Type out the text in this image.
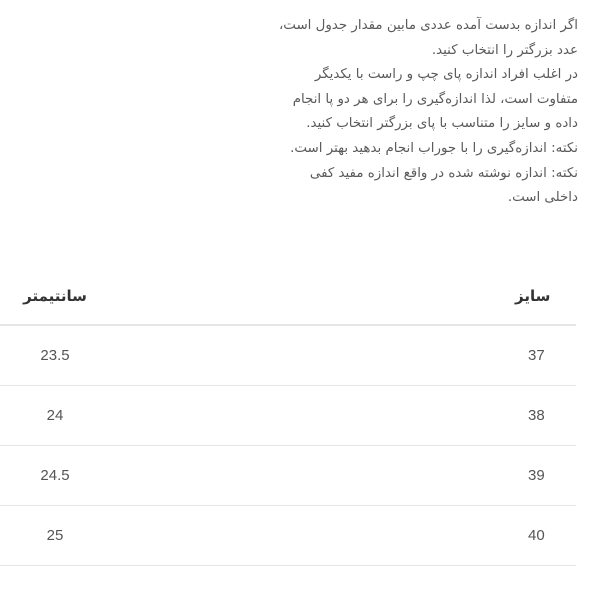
اگر اندازه بدست آمده عددی مابین مقدار جدول است،
عدد بزرگتر را انتخاب کنید.
در اغلب افراد اندازه پای چپ و راست با یکدیگر
متفاوت است، لذا اندازه‌گیری را برای هر دو پا انجام
داده و سایز را متناسب با پای بزرگتر انتخاب کنید.
نکته: اندازه‌گیری را با جوراب انجام بدهید بهتر است.
نکته: اندازه نوشته شده در واقع اندازه مفید کفی
داخلی است.
سانتیمتر	سایز
23.5	37
24	38
24.5	39
25	40
